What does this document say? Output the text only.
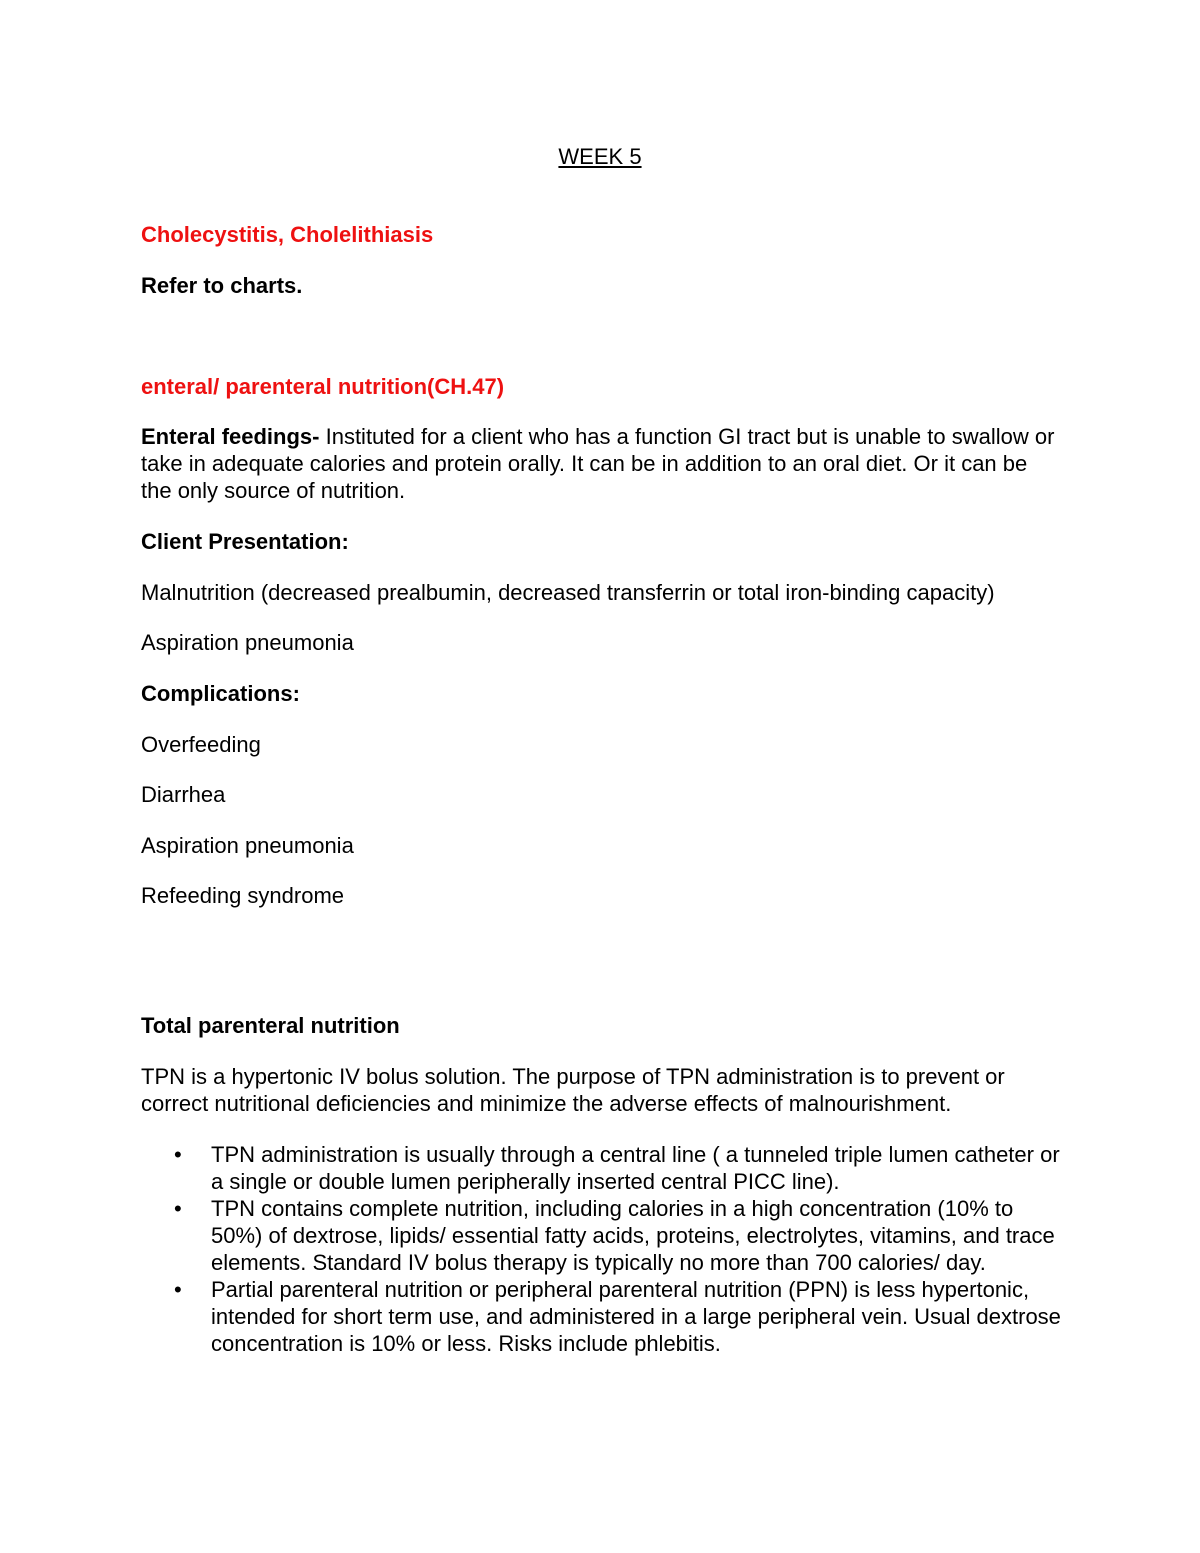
WEEK 5

Cholecystitis, Cholelithiasis

Refer to charts.

enteral/ parenteral nutrition(CH.47)

Enteral feedings- Instituted for a client who has a function GI tract but is unable to swallow or take in adequate calories and protein orally. It can be in addition to an oral diet. Or it can be the only source of nutrition.

Client Presentation:

Malnutrition (decreased prealbumin, decreased transferrin or total iron-binding capacity)

Aspiration pneumonia

Complications:

Overfeeding

Diarrhea

Aspiration pneumonia

Refeeding syndrome

Total parenteral nutrition

TPN is a hypertonic IV bolus solution. The purpose of TPN administration is to prevent or correct nutritional deficiencies and minimize the adverse effects of malnourishment.

• TPN administration is usually through a central line ( a tunneled triple lumen catheter or a single or double lumen peripherally inserted central PICC line).
• TPN contains complete nutrition, including calories in a high concentration (10% to 50%) of dextrose, lipids/ essential fatty acids, proteins, electrolytes, vitamins, and trace elements. Standard IV bolus therapy is typically no more than 700 calories/ day.
• Partial parenteral nutrition or peripheral parenteral nutrition (PPN) is less hypertonic, intended for short term use, and administered in a large peripheral vein. Usual dextrose concentration is 10% or less. Risks include phlebitis.
